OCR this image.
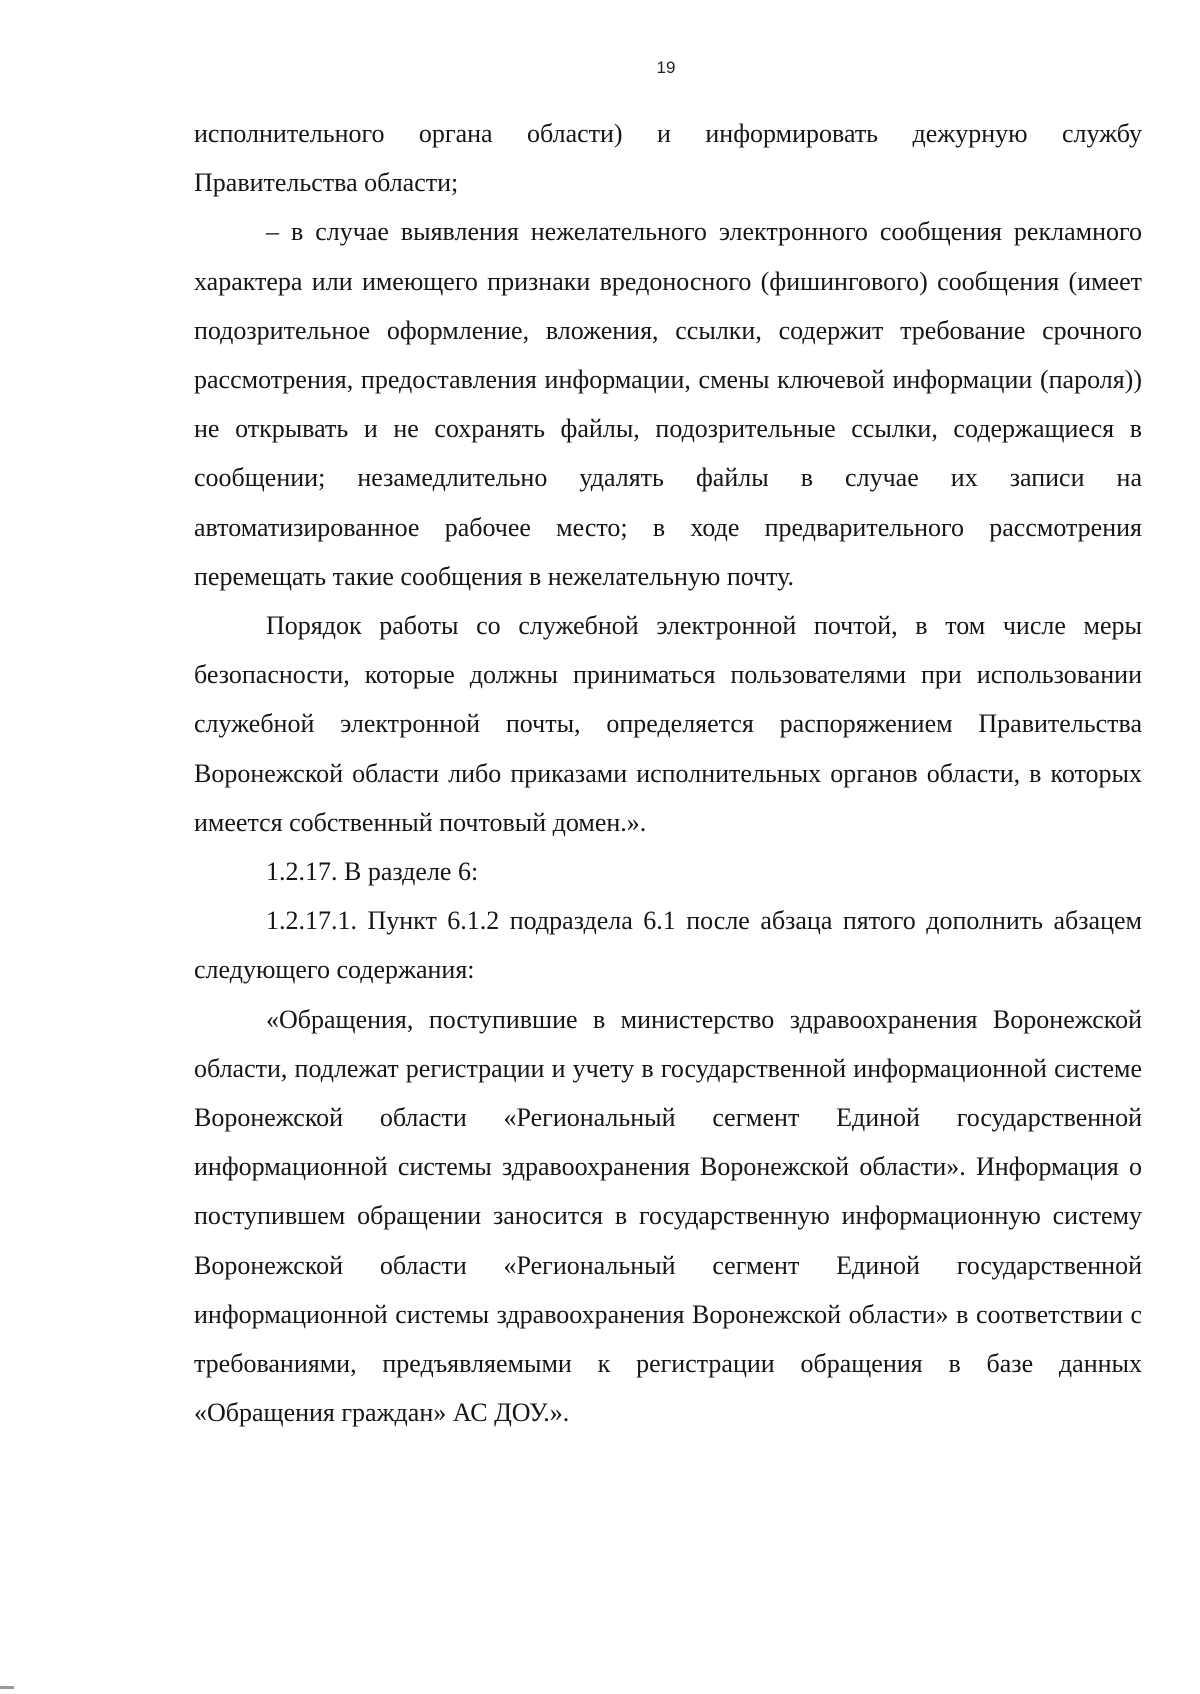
19

исполнительного органа области) и информировать дежурную службу Правительства области;

– в случае выявления нежелательного электронного сообщения рекламного характера или имеющего признаки вредоносного (фишингового) сообщения (имеет подозрительное оформление, вложения, ссылки, содержит требование срочного рассмотрения, предоставления информации, смены ключевой информации (пароля)) не открывать и не сохранять файлы, подозрительные ссылки, содержащиеся в сообщении; незамедлительно удалять файлы в случае их записи на автоматизированное рабочее место; в ходе предварительного рассмотрения перемещать такие сообщения в нежелательную почту.

Порядок работы со служебной электронной почтой, в том числе меры безопасности, которые должны приниматься пользователями при использовании служебной электронной почты, определяется распоряжением Правительства Воронежской области либо приказами исполнительных органов области, в которых имеется собственный почтовый домен.».

1.2.17. В разделе 6:

1.2.17.1. Пункт 6.1.2 подраздела 6.1 после абзаца пятого дополнить абзацем следующего содержания:

«Обращения, поступившие в министерство здравоохранения Воронежской области, подлежат регистрации и учету в государственной информационной системе Воронежской области «Региональный сегмент Единой государственной информационной системы здравоохранения Воронежской области». Информация о поступившем обращении заносится в государственную информационную систему Воронежской области «Региональный сегмент Единой государственной информационной системы здравоохранения Воронежской области» в соответствии с требованиями, предъявляемыми к регистрации обращения в базе данных «Обращения граждан» АС ДОУ.».
